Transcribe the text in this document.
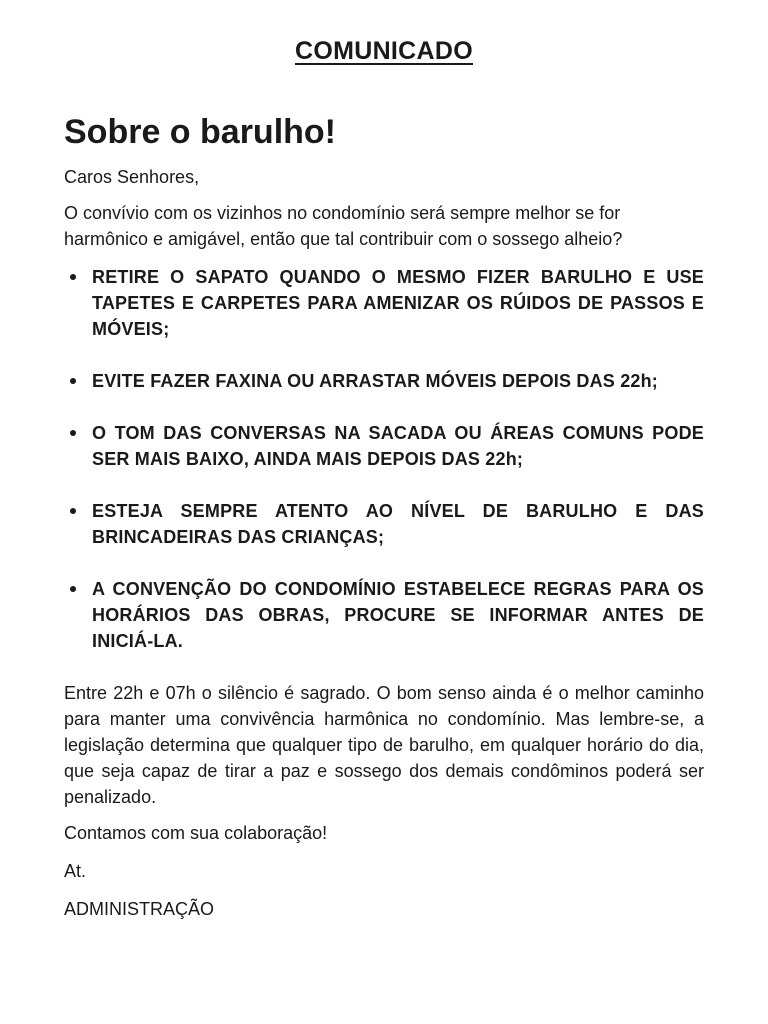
COMUNICADO
Sobre o barulho!

Caros Senhores,

O convívio com os vizinhos no condomínio será sempre melhor se for harmônico e amigável, então que tal contribuir com o sossego alheio?

RETIRE O SAPATO QUANDO O MESMO FIZER BARULHO E USE TAPETES E CARPETES PARA AMENIZAR OS RÚIDOS DE PASSOS E MÓVEIS;
EVITE FAZER FAXINA OU ARRASTAR MÓVEIS DEPOIS DAS 22h;
O TOM DAS CONVERSAS NA SACADA OU ÁREAS COMUNS PODE SER MAIS BAIXO, AINDA MAIS DEPOIS DAS 22h;
ESTEJA SEMPRE ATENTO AO NÍVEL DE BARULHO E DAS BRINCADEIRAS DAS CRIANÇAS;
A CONVENÇÃO DO CONDOMÍNIO ESTABELECE REGRAS PARA OS HORÁRIOS DAS OBRAS, PROCURE SE INFORMAR ANTES DE INICIÁ-LA.

Entre 22h e 07h o silêncio é sagrado. O bom senso ainda é o melhor caminho para manter uma convivência harmônica no condomínio. Mas lembre-se, a legislação determina que qualquer tipo de barulho, em qualquer horário do dia, que seja capaz de tirar a paz e sossego dos demais condôminos poderá ser penalizado.

Contamos com sua colaboração!

At.

ADMINISTRAÇÃO
